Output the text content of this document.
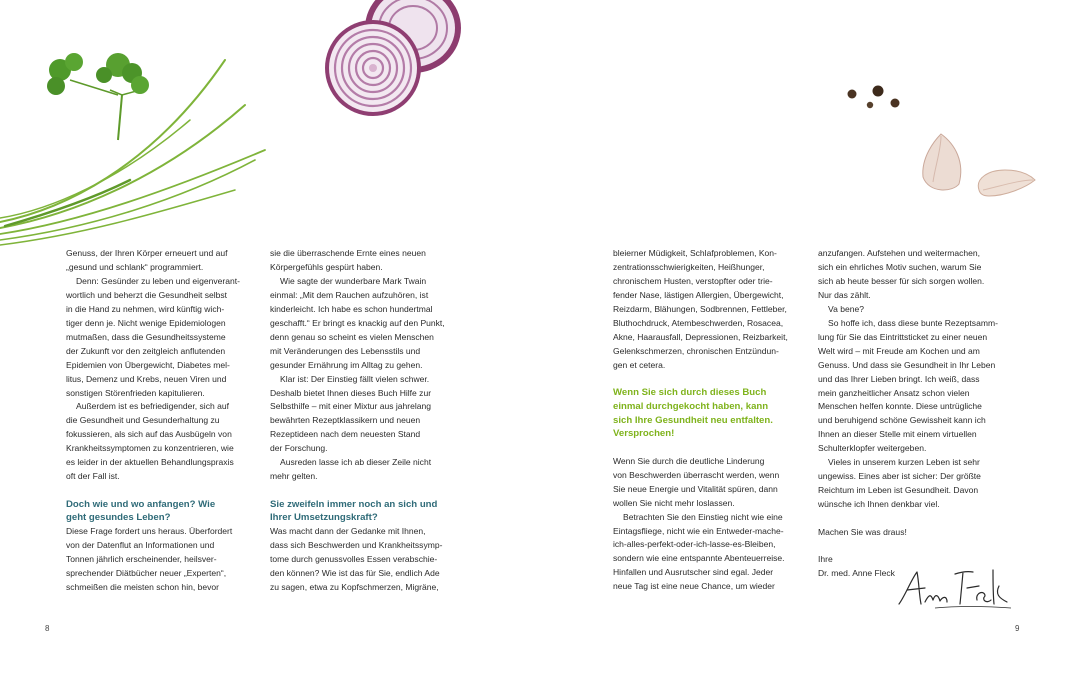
Genuss, der Ihren Körper erneuert und auf
„gesund und schlank“ programmiert.

Denn: Gesünder zu leben und eigenverant-
wortlich und beherzt die Gesundheit selbst
in die Hand zu nehmen, wird künftig wich-
tiger denn je. Nicht wenige Epidemiologen
mutmaßen, dass die Gesundheitssysteme
der Zukunft vor den zeitgleich anflutenden
Epidemien von Übergewicht, Diabetes mel-
litus, Demenz und Krebs, neuen Viren und
sonstigen Störenfrieden kapitulieren.

Außerdem ist es befriedigender, sich auf
die Gesundheit und Gesunderhaltung zu
fokussieren, als sich auf das Ausbügeln von
Krankheitssymptomen zu konzentrieren, wie
es leider in der aktuellen Behandlungspraxis
oft der Fall ist.

Doch wie und wo anfangen? Wie
geht gesundes Leben?

Diese Frage fordert uns heraus. Überfordert
von der Datenflut an Informationen und
Tonnen jährlich erscheinender, heilsver-
sprechender Diätbücher neuer „Experten“,
schmeißen die meisten schon hin, bevor

sie die überraschende Ernte eines neuen
Körpergefühls gespürt haben.

Wie sagte der wunderbare Mark Twain
einmal: „Mit dem Rauchen aufzuhören, ist
kinderleicht. Ich habe es schon hundertmal
geschafft.“ Er bringt es knackig auf den Punkt,
denn genau so scheint es vielen Menschen
mit Veränderungen des Lebensstils und
gesunder Ernährung im Alltag zu gehen.

Klar ist: Der Einstieg fällt vielen schwer.
Deshalb bietet Ihnen dieses Buch Hilfe zur
Selbsthilfe – mit einer Mixtur aus jahrelang
bewährten Rezeptklassikern und neuen
Rezeptideen nach dem neuesten Stand
der Forschung.

Ausreden lasse ich ab dieser Zeile nicht
mehr gelten.

Sie zweifeln immer noch an sich und
Ihrer Umsetzungskraft?

Was macht dann der Gedanke mit Ihnen,
dass sich Beschwerden und Krankheitssymp-
tome durch genussvolles Essen verabschie-
den können? Wie ist das für Sie, endlich Ade
zu sagen, etwa zu Kopfschmerzen, Migräne,

bleierner Müdigkeit, Schlafproblemen, Kon-
zentrationsschwierigkeiten, Heißhunger,
chronischem Husten, verstopfter oder trie-
fender Nase, lästigen Allergien, Übergewicht,
Reizdarm, Blähungen, Sodbrennen, Fettleber,
Bluthochdruck, Atembeschwerden, Rosacea,
Akne, Haarausfall, Depressionen, Reizbarkeit,
Gelenkschmerzen, chronischen Entzündun-
gen et cetera.

Wenn Sie sich durch dieses Buch
einmal durchgekocht haben, kann
sich Ihre Gesundheit neu entfalten.
Versprochen!

Wenn Sie durch die deutliche Linderung
von Beschwerden überrascht werden, wenn
Sie neue Energie und Vitalität spüren, dann
wollen Sie nicht mehr loslassen.

Betrachten Sie den Einstieg nicht wie eine
Eintagsfliege, nicht wie ein Entweder-mache-
ich-alles-perfekt-oder-ich-lasse-es-Bleiben,
sondern wie eine entspannte Abenteuerreise.
Hinfallen und Ausrutscher sind egal. Jeder
neue Tag ist eine neue Chance, um wieder

anzufangen. Aufstehen und weitermachen,
sich ein ehrliches Motiv suchen, warum Sie
sich ab heute besser für sich sorgen wollen.
Nur das zählt.

Va bene?

So hoffe ich, dass diese bunte Rezeptsamm-
lung für Sie das Eintrittsticket zu einer neuen
Welt wird – mit Freude am Kochen und am
Genuss. Und dass sie Gesundheit in Ihr Leben
und das Ihrer Lieben bringt. Ich weiß, dass
mein ganzheitlicher Ansatz schon vielen
Menschen helfen konnte. Diese untrügliche
und beruhigend schöne Gewissheit kann ich
Ihnen an dieser Stelle mit einem virtuellen
Schulterklopfer weitergeben.

Vieles in unserem kurzen Leben ist sehr
ungewiss. Eines aber ist sicher: Der größte
Reichtum im Leben ist Gesundheit. Davon
wünsche ich Ihnen denkbar viel.

Machen Sie was draus!

Ihre
Dr. med. Anne Fleck

8	9
